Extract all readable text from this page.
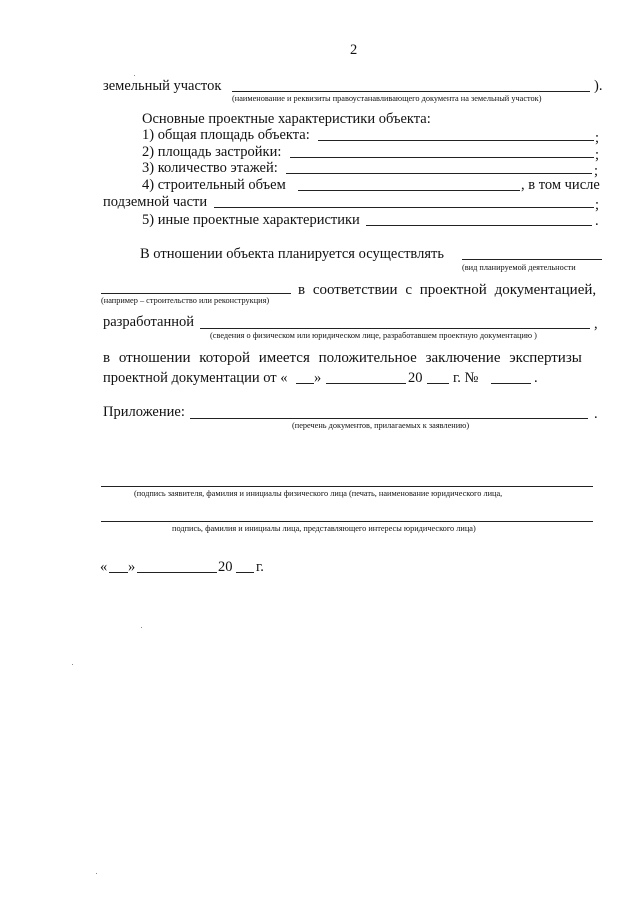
2
земельный участок	).
(наименование и реквизиты правоустанавливающего документа на земельный участок)
Основные проектные характеристики объекта:
1) общая площадь объекта:	;
2) площадь застройки:	;
3) количество этажей:	;
4) строительный объем	, в том числе
подземной части	;
5) иные проектные характеристики	.
В отношении объекта планируется осуществлять
(вид планируемой деятельности
в соответствии с проектной документацией,
(например – строительство или реконструкция)
разработанной	,
(сведения о физическом или юридическом лице, разработавшем проектную документацию )
в отношении которой имеется положительное заключение экспертизы
проектной документации от « »	20 г. №	.
Приложение:	.
(перечень документов, прилагаемых к заявлению)
(подпись заявителя, фамилия и инициалы физического лица (печать, наименование юридического лица,
подпись, фамилия и инициалы лица, представляющего интересы юридического лица)
« »	20 г.
